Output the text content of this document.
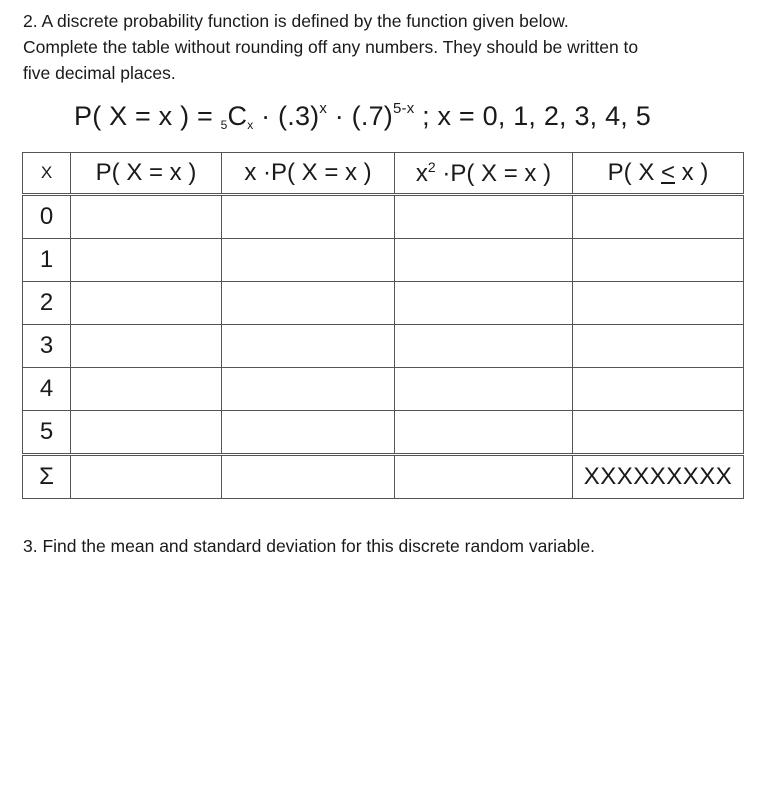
2. A discrete probability function is defined by the function given below.
Complete the table without rounding off any numbers. They should be written to
five decimal places.
P( X = x ) = $_5C_x \cdot (.3)^x \cdot (.7)^{5-x}$ ; x = 0, 1, 2, 3, 4, 5
X	P( X = x )	x ·P( X = x )	$x^2 \cdot P$( X = x )	P( X < x )
0				
1				
2				
3				
4				
5				
Σ				XXXXXXXXX
3. Find the mean and standard deviation for this discrete random variable.
